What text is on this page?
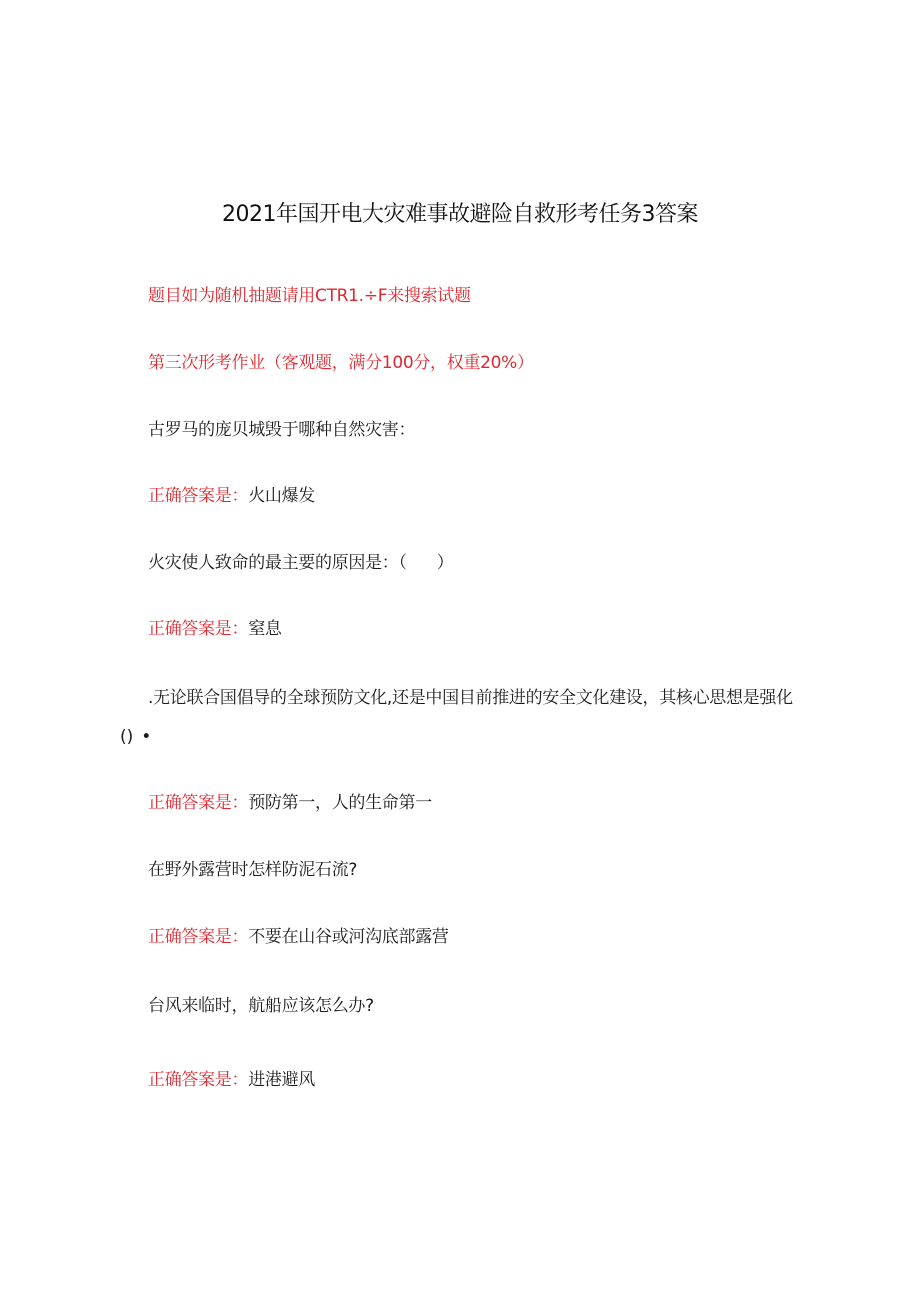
2021年国开电大灾难事故避险自救形考任务3答案
题目如为随机抽题请用CTR1.÷F来搜索试题
第三次形考作业（客观题，满分100分，权重20%）
古罗马的庞贝城毁于哪种自然灾害：
正确答案是：火山爆发
火灾使人致命的最主要的原因是：（ ）
正确答案是：窒息
.无论联合国倡导的全球预防文化,还是中国目前推进的安全文化建设，其核心思想是强化
() •
正确答案是：预防第一，人的生命第一
在野外露营时怎样防泥石流?
正确答案是：不要在山谷或河沟底部露营
台风来临时，航船应该怎么办?
正确答案是：进港避风
